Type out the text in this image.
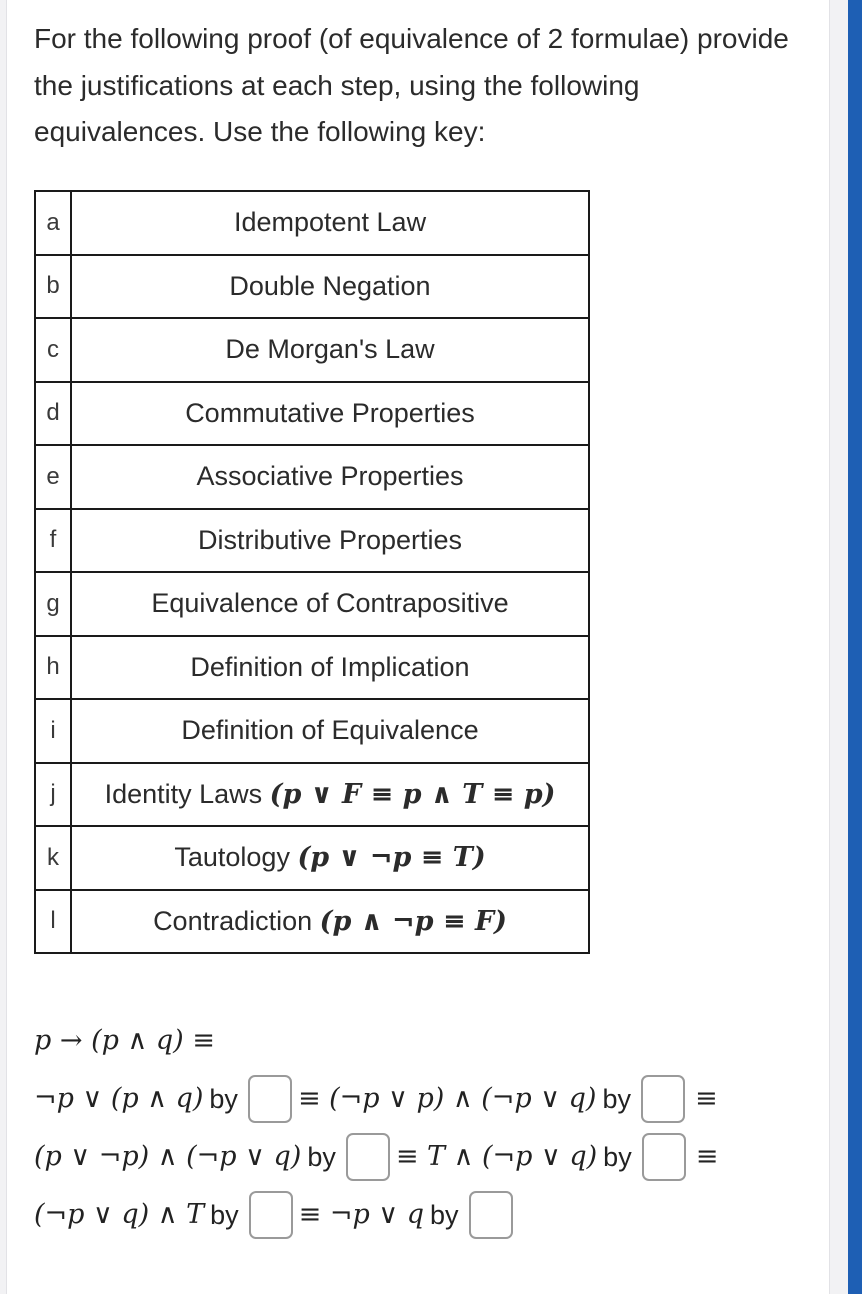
For the following proof (of equivalence of 2 formulae) provide the justifications at each step, using the following equivalences. Use the following key:
a	Idempotent Law
b	Double Negation
c	De Morgan's Law
d	Commutative Properties
e	Associative Properties
f	Distributive Properties
g	Equivalence of Contrapositive
h	Definition of Implication
i	Definition of Equivalence
j	Identity Laws (p ∨ F ≡ p ∧ T ≡ p)
k	Tautology (p ∨ ¬p ≡ T)
l	Contradiction (p ∧ ¬p ≡ F)
p → (p ∧ q) ≡
¬p ∨ (p ∧ q) by ≡ (¬p ∨ p) ∧ (¬p ∨ q) by ≡
(p ∨ ¬p) ∧ (¬p ∨ q) by ≡ T ∧ (¬p ∨ q) by ≡
(¬p ∨ q) ∧ T by ≡ ¬p ∨ q by
